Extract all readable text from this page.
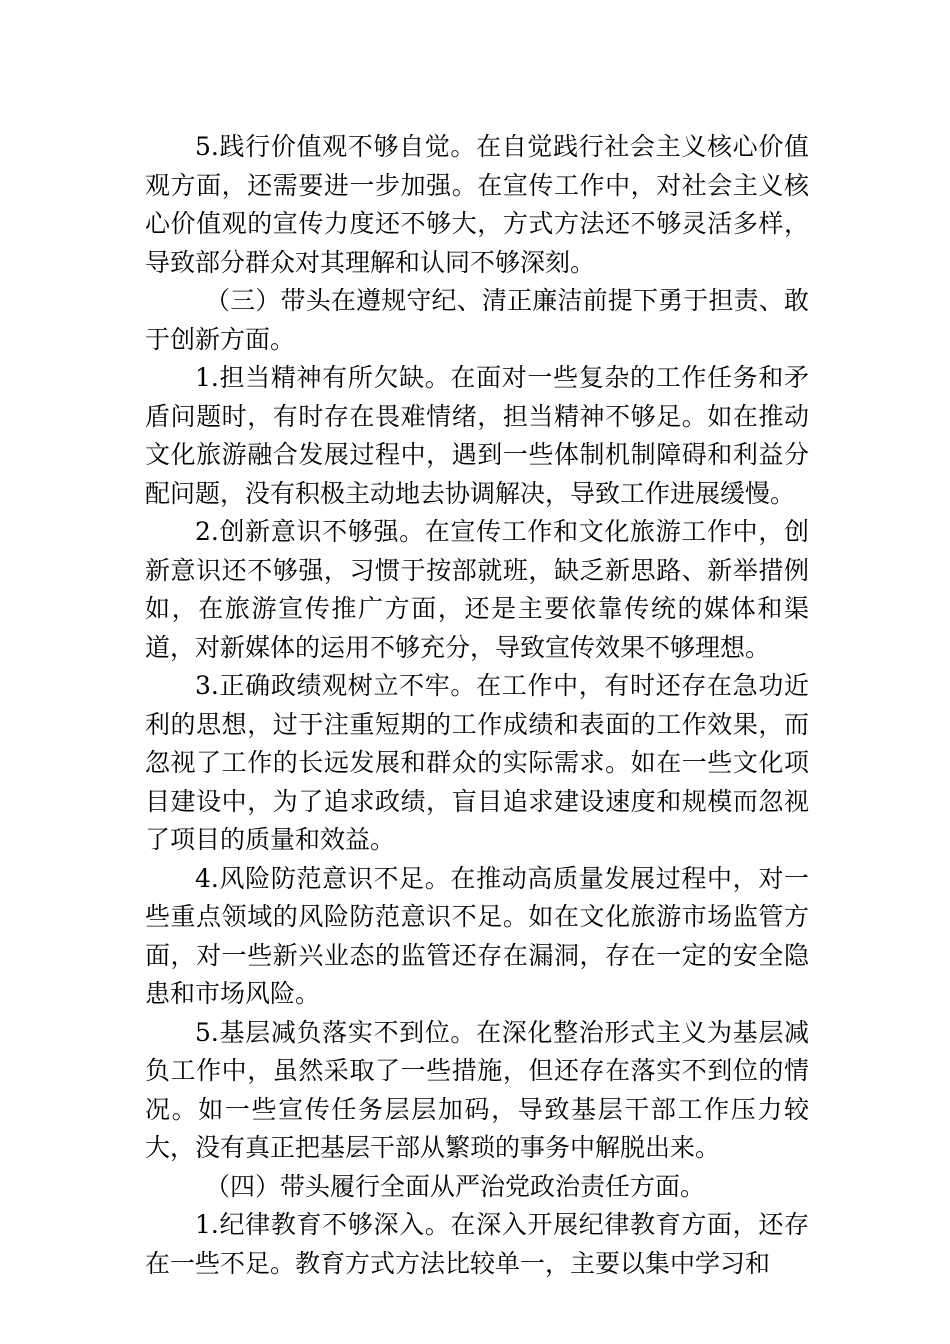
5.践行价值观不够自觉。在自觉践行社会主义核心价值观方面，还需要进一步加强。在宣传工作中，对社会主义核心价值观的宣传力度还不够大，方式方法还不够灵活多样，导致部分群众对其理解和认同不够深刻。

（三）带头在遵规守纪、清正廉洁前提下勇于担责、敢于创新方面。

1.担当精神有所欠缺。在面对一些复杂的工作任务和矛盾问题时，有时存在畏难情绪，担当精神不够足。如在推动文化旅游融合发展过程中，遇到一些体制机制障碍和利益分配问题，没有积极主动地去协调解决，导致工作进展缓慢。

2.创新意识不够强。在宣传工作和文化旅游工作中，创新意识还不够强，习惯于按部就班，缺乏新思路、新举措例如，在旅游宣传推广方面，还是主要依靠传统的媒体和渠道，对新媒体的运用不够充分，导致宣传效果不够理想。

3.正确政绩观树立不牢。在工作中，有时还存在急功近利的思想，过于注重短期的工作成绩和表面的工作效果，而忽视了工作的长远发展和群众的实际需求。如在一些文化项目建设中，为了追求政绩，盲目追求建设速度和规模而忽视了项目的质量和效益。

4.风险防范意识不足。在推动高质量发展过程中，对一些重点领域的风险防范意识不足。如在文化旅游市场监管方面，对一些新兴业态的监管还存在漏洞，存在一定的安全隐患和市场风险。

5.基层减负落实不到位。在深化整治形式主义为基层减负工作中，虽然采取了一些措施，但还存在落实不到位的情况。如一些宣传任务层层加码，导致基层干部工作压力较大，没有真正把基层干部从繁琐的事务中解脱出来。

（四）带头履行全面从严治党政治责任方面。

1.纪律教育不够深入。在深入开展纪律教育方面，还存在一些不足。教育方式方法比较单一，主要以集中学习和
